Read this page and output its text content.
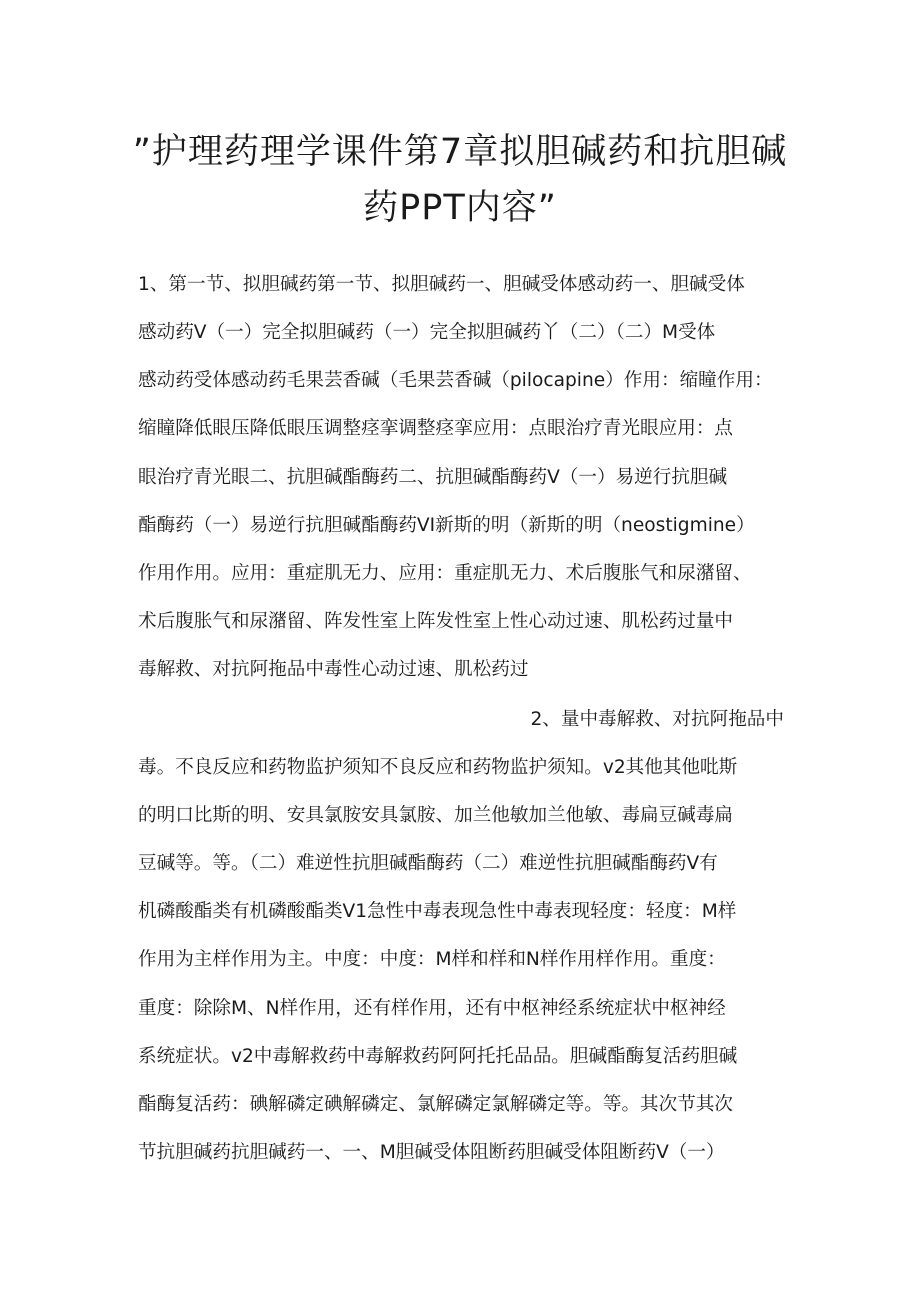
”护理药理学课件第7章拟胆碱药和抗胆碱
药PPT内容”
1、第一节、拟胆碱药第一节、拟胆碱药一、胆碱受体感动药一、胆碱受体
感动药V（一）完全拟胆碱药（一）完全拟胆碱药丫（二）（二）M受体
感动药受体感动药毛果芸香碱（毛果芸香碱（pilocapine）作用：缩瞳作用：
缩瞳降低眼压降低眼压调整痉挛调整痉挛应用：点眼治疗青光眼应用：点
眼治疗青光眼二、抗胆碱酯酶药二、抗胆碱酯酶药V（一）易逆行抗胆碱
酯酶药（一）易逆行抗胆碱酯酶药VI新斯的明（新斯的明（neostigmine）
作用作用。应用：重症肌无力、应用：重症肌无力、术后腹胀气和尿潴留、
术后腹胀气和尿潴留、阵发性室上阵发性室上性心动过速、肌松药过量中
毒解救、对抗阿拖品中毒性心动过速、肌松药过
2、量中毒解救、对抗阿拖品中
毒。不良反应和药物监护须知不良反应和药物监护须知。v2其他其他吡斯
的明口比斯的明、安具氯胺安具氯胺、加兰他敏加兰他敏、毒扁豆碱毒扁
豆碱等。等。（二）难逆性抗胆碱酯酶药（二）难逆性抗胆碱酯酶药V有
机磷酸酯类有机磷酸酯类V1急性中毒表现急性中毒表现轻度：轻度：M样
作用为主样作用为主。中度：中度：M样和样和N样作用样作用。重度：
重度：除除M、N样作用，还有样作用，还有中枢神经系统症状中枢神经
系统症状。v2中毒解救药中毒解救药阿阿托托品品。胆碱酯酶复活药胆碱
酯酶复活药：碘解磷定碘解磷定、氯解磷定氯解磷定等。等。其次节其次
节抗胆碱药抗胆碱药一、一、M胆碱受体阻断药胆碱受体阻断药V（一）
